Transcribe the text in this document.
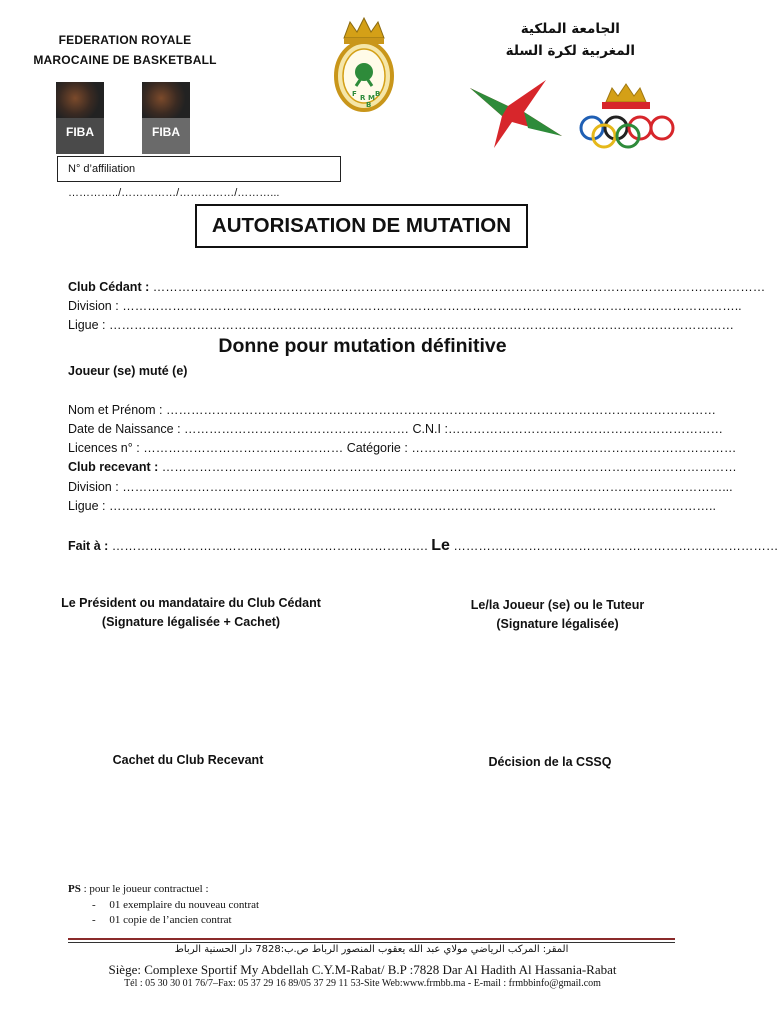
FEDERATION ROYALE
MAROCAINE DE BASKETBALL
FIBA	FIBA
F R M B
B
الجامعة الملكية
المغربية لكرة السلة
N° d’affiliation …………../……………/……………/………...
AUTORISATION DE MUTATION
Club Cédant : …………………………………………………………………………………………………………………………………
Division : …………………………………………………………………………………………………………………………………..
Ligue : ……………………………………………………………………………………………………………………………………
Donne pour mutation définitive
Joueur (se) muté (e)
Nom et Prénom : ……………………………………………………………………………………………………………………
Date de Naissance : ……………………………………………… C.N.I :…………………………………………………………
Licences n° : ………………………………………… Catégorie : ……………………………………………………………………
Club recevant : …………………………………………………………………………………………………………………………
Division : ………………………………………………………………………………………………………………………………...
Ligue : ………………………………………………………………………………………………………………………………..
Fait à : …………………………………………………………………. Le ……………………………………………………………………
Le Président ou mandataire du Club Cédant
(Signature légalisée + Cachet)
Le/la Joueur (se) ou le Tuteur
(Signature légalisée)
Cachet du Club Recevant	Décision de la CSSQ
PS : pour le joueur contractuel :
-     01 exemplaire du nouveau contrat
-     01 copie de l’ancien contrat
المقر: المركب الرياضي مولاي عبد الله يعقوب المنصور الرباط ص.ب:7828 دار الحسنية الرباط
Siège: Complexe Sportif My Abdellah C.Y.M-Rabat/ B.P :7828 Dar Al Hadith Al Hassania-Rabat
Tél : 05 30 30 01 76/7–Fax: 05 37 29 16 89/05 37 29 11 53-Site Web:www.frmbb.ma - E-mail : frmbbinfo@gmail.com
